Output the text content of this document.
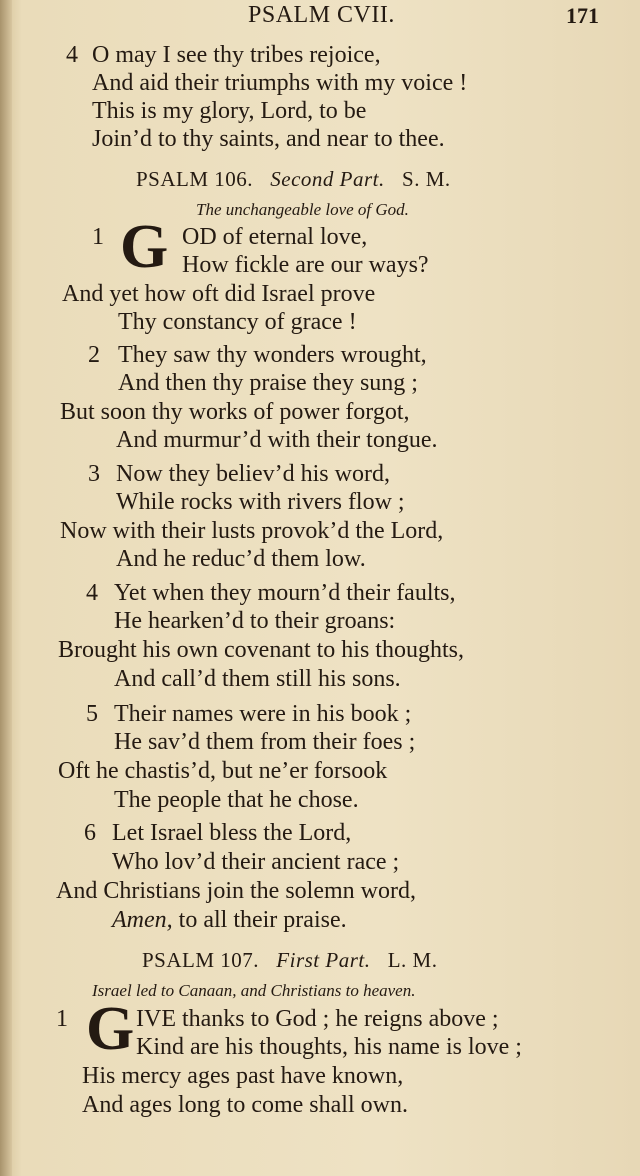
PSALM CVII.	171
4 O may I see thy tribes rejoice,
And aid their triumphs with my voice !
This is my glory, Lord, to be
Join’d to thy saints, and near to thee.
PSALM 106. Second Part. S. M.
The unchangeable love of God.
1 G OD of eternal love,
How fickle are our ways?
And yet how oft did Israel prove
Thy constancy of grace !
2 They saw thy wonders wrought,
And then thy praise they sung ;
But soon thy works of power forgot,
And murmur’d with their tongue.
3 Now they believ’d his word,
While rocks with rivers flow ;
Now with their lusts provok’d the Lord,
And he reduc’d them low.
4 Yet when they mourn’d their faults,
He hearken’d to their groans:
Brought his own covenant to his thoughts,
And call’d them still his sons.
5 Their names were in his book ;
He sav’d them from their foes ;
Oft he chastis’d, but ne’er forsook
The people that he chose.
6 Let Israel bless the Lord,
Who lov’d their ancient race ;
And Christians join the solemn word,
Amen, to all their praise.
PSALM 107. First Part. L. M.
Israel led to Canaan, and Christians to heaven.
1 G IVE thanks to God ; he reigns above ;
Kind are his thoughts, his name is love ;
His mercy ages past have known,
And ages long to come shall own.
